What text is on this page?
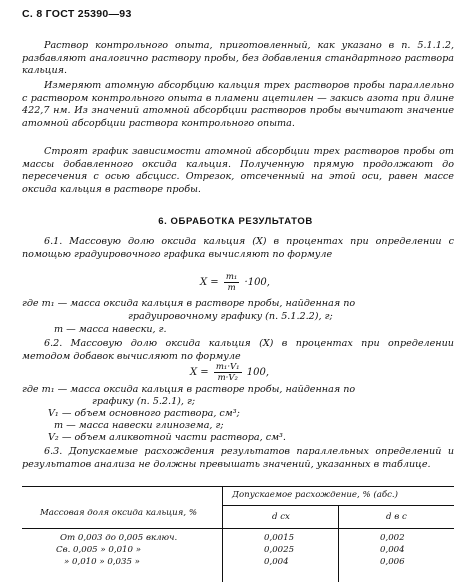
С. 8 ГОСТ 25390—93
Раствор контрольного опыта, приготовленный, как указано в п. 5.1.1.2, разбавляют аналогично раствору пробы, без добавления стандартного раствора кальция.
Измеряют атомную абсорбцию кальция трех растворов пробы параллельно с раствором контрольного опыта в пламени ацетилен — закись азота при длине 422,7 нм. Из значений атомной абсорбции растворов пробы вычитают значение атомной абсорбции раствора контрольного опыта.
Строят график зависимости атомной абсорбции трех растворов пробы от массы добавленного оксида кальция. Полученную прямую продолжают до пересечения с осью абсцисс. Отрезок, отсеченный на этой оси, равен массе оксида кальция в растворе пробы.
6. ОБРАБОТКА РЕЗУЛЬТАТОВ
6.1. Массовую долю оксида кальция (X) в процентах при определении с помощью градуировочного графика вычисляют по формуле
$X = \frac{\text{m₁}}{m} \cdot 100$,
где m₁ — масса оксида кальция в растворе пробы, найденная по
градуировочному графику (п. 5.1.2.2), г;
m — масса навески, г.
6.2. Массовую долю оксида кальция (X) в процентах при определении методом добавок вычисляют по формуле
$X = \frac{\text{m₁·V₁}}{\text{m·V₂}} 100$,
где m₁ — масса оксида кальция в растворе пробы, найденная по
графику (п. 5.2.1), г;
V₁ — объем основного раствора, см³;
m — масса навески глинозема, г;
V₂ — объем аликвотной части раствора, см³.
6.3. Допускаемые расхождения результатов параллельных определений и результатов анализа не должны превышать значений, указанных в таблице.
Массовая доля оксида кальция, %
Допускаемое расхождение, % (абс.)
d сх	d в с
От 0,003 до 0,005 включ.	0,0015	0,002
Св. 0,005 » 0,010 »	0,0025	0,004
» 0,010 » 0,035 »	0,004	0,006
